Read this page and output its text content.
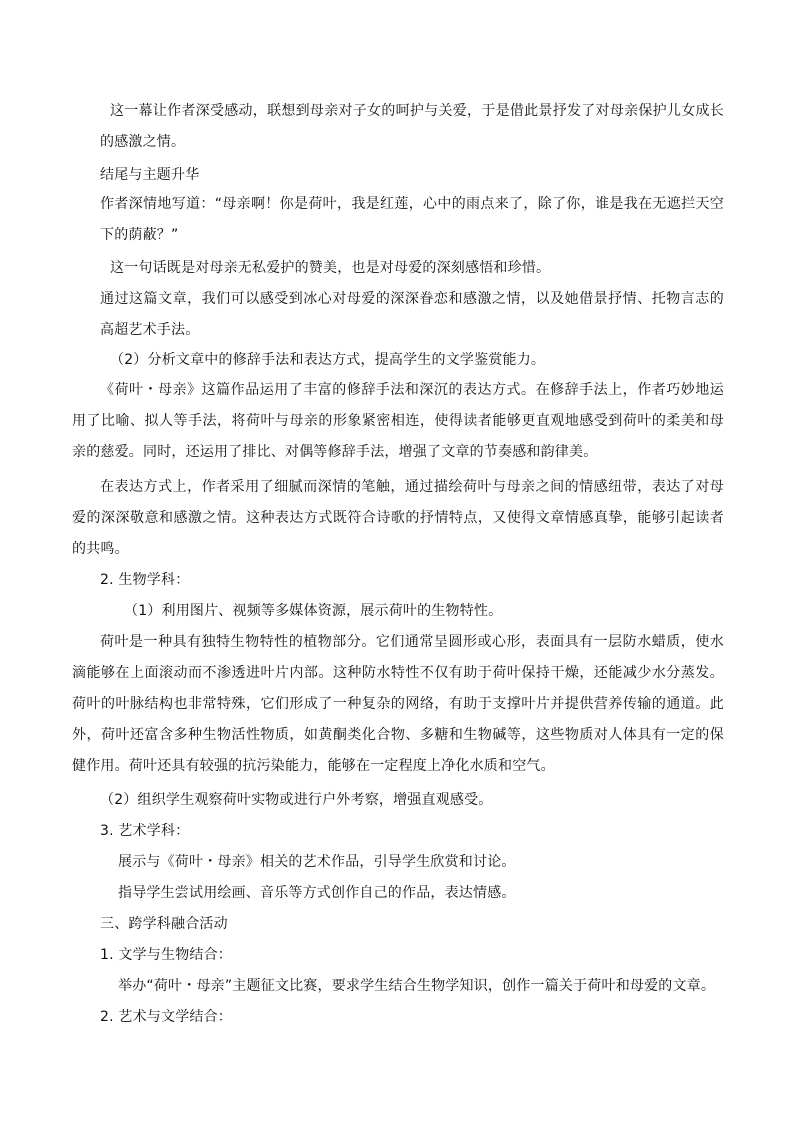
这一幕让作者深受感动，联想到母亲对子女的呵护与关爱，于是借此景抒发了对母亲保护儿女成长的感激之情。

结尾与主题升华

作者深情地写道：“母亲啊！你是荷叶，我是红莲，心中的雨点来了，除了你，谁是我在无遮拦天空下的荫蔽？”

这一句话既是对母亲无私爱护的赞美，也是对母爱的深刻感悟和珍惜。

通过这篇文章，我们可以感受到冰心对母爱的深深眷恋和感激之情，以及她借景抒情、托物言志的高超艺术手法。

（2）分析文章中的修辞手法和表达方式，提高学生的文学鉴赏能力。

《荷叶・母亲》这篇作品运用了丰富的修辞手法和深沉的表达方式。在修辞手法上，作者巧妙地运用了比喻、拟人等手法，将荷叶与母亲的形象紧密相连，使得读者能够更直观地感受到荷叶的柔美和母亲的慈爱。同时，还运用了排比、对偶等修辞手法，增强了文章的节奏感和韵律美。

在表达方式上，作者采用了细腻而深情的笔触，通过描绘荷叶与母亲之间的情感纽带，表达了对母爱的深深敬意和感激之情。这种表达方式既符合诗歌的抒情特点，又使得文章情感真挚，能够引起读者的共鸣。

2. 生物学科：

（1）利用图片、视频等多媒体资源，展示荷叶的生物特性。

荷叶是一种具有独特生物特性的植物部分。它们通常呈圆形或心形，表面具有一层防水蜡质，使水滴能够在上面滚动而不渗透进叶片内部。这种防水特性不仅有助于荷叶保持干燥，还能减少水分蒸发。荷叶的叶脉结构也非常特殊，它们形成了一种复杂的网络，有助于支撑叶片并提供营养传输的通道。此外，荷叶还富含多种生物活性物质，如黄酮类化合物、多糖和生物碱等，这些物质对人体具有一定的保健作用。荷叶还具有较强的抗污染能力，能够在一定程度上净化水质和空气。

（2）组织学生观察荷叶实物或进行户外考察，增强直观感受。

3. 艺术学科：

展示与《荷叶・母亲》相关的艺术作品，引导学生欣赏和讨论。

指导学生尝试用绘画、音乐等方式创作自己的作品，表达情感。

三、跨学科融合活动

1. 文学与生物结合：

举办“荷叶・母亲”主题征文比赛，要求学生结合生物学知识，创作一篇关于荷叶和母爱的文章。

2. 艺术与文学结合：
